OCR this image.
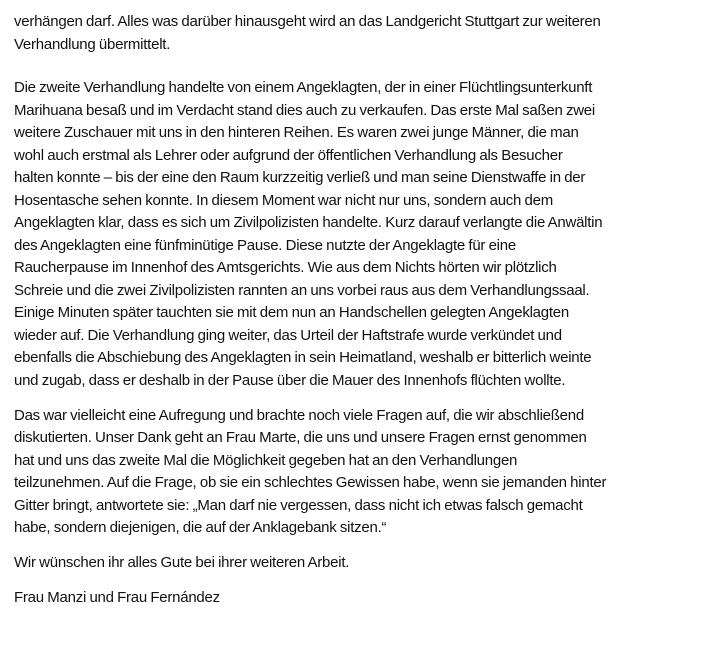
verhängen darf. Alles was darüber hinausgeht wird an das Landgericht Stuttgart zur weiteren
Verhandlung übermittelt.

Die zweite Verhandlung handelte von einem Angeklagten, der in einer Flüchtlingsunterkunft
Marihuana besaß und im Verdacht stand dies auch zu verkaufen. Das erste Mal saßen zwei
weitere Zuschauer mit uns in den hinteren Reihen. Es waren zwei junge Männer, die man
wohl auch erstmal als Lehrer oder aufgrund der öffentlichen Verhandlung als Besucher
halten konnte – bis der eine den Raum kurzzeitig verließ und man seine Dienstwaffe in der
Hosentasche sehen konnte. In diesem Moment war nicht nur uns, sondern auch dem
Angeklagten klar, dass es sich um Zivilpolizisten handelte. Kurz darauf verlangte die Anwältin
des Angeklagten eine fünfminütige Pause. Diese nutzte der Angeklagte für eine
Raucherpause im Innenhof des Amtsgerichts. Wie aus dem Nichts hörten wir plötzlich
Schreie und die zwei Zivilpolizisten rannten an uns vorbei raus aus dem Verhandlungssaal.
Einige Minuten später tauchten sie mit dem nun an Handschellen gelegten Angeklagten
wieder auf. Die Verhandlung ging weiter, das Urteil der Haftstrafe wurde verkündet und
ebenfalls die Abschiebung des Angeklagten in sein Heimatland, weshalb er bitterlich weinte
und zugab, dass er deshalb in der Pause über die Mauer des Innenhofs flüchten wollte.

Das war vielleicht eine Aufregung und brachte noch viele Fragen auf, die wir abschließend
diskutierten. Unser Dank geht an Frau Marte, die uns und unsere Fragen ernst genommen
hat und uns das zweite Mal die Möglichkeit gegeben hat an den Verhandlungen
teilzunehmen. Auf die Frage, ob sie ein schlechtes Gewissen habe, wenn sie jemanden hinter
Gitter bringt, antwortete sie: „Man darf nie vergessen, dass nicht ich etwas falsch gemacht
habe, sondern diejenigen, die auf der Anklagebank sitzen.“

Wir wünschen ihr alles Gute bei ihrer weiteren Arbeit.

Frau Manzi und Frau Fernández
